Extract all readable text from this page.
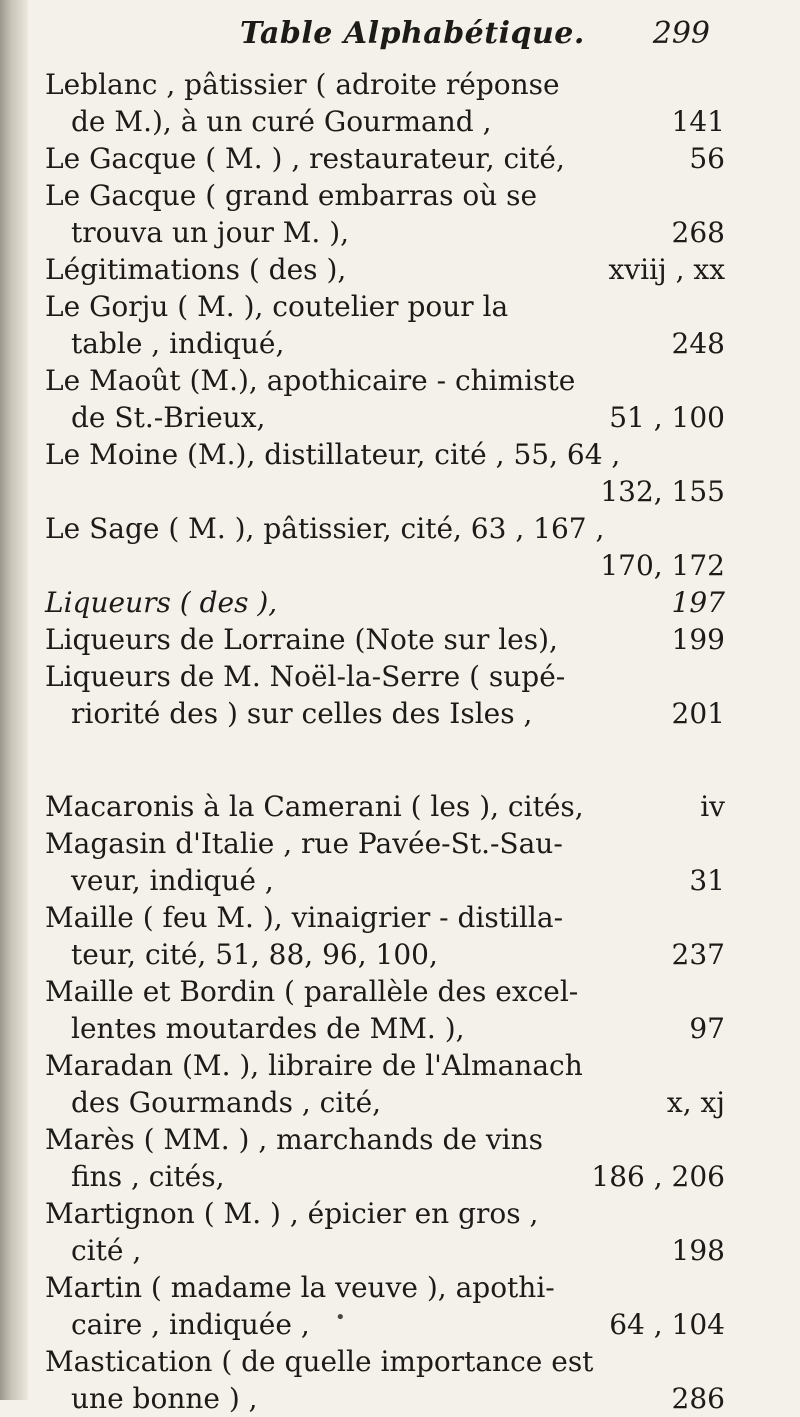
Table Alphabétique. 299
Leblanc , pâtissier ( adroite réponse
de M.), à un curé Gourmand ,	141
Le Gacque ( M. ) , restaurateur, cité,	56
Le Gacque ( grand embarras où se
trouva un jour M. ),	268
Légitimations ( des ),	xviij , xx
Le Gorju ( M. ), coutelier pour la
table , indiqué,	248
Le Maoût (M.), apothicaire - chimiste
de St.-Brieux,	51 , 100
Le Moine (M.), distillateur, cité , 55, 64 ,
132, 155
Le Sage ( M. ), pâtissier, cité, 63 , 167 ,
170, 172
Liqueurs ( des ),	197
Liqueurs de Lorraine (Note sur les),	199
Liqueurs de M. Noël-la-Serre ( supé-
riorité des ) sur celles des Isles ,	201
Macaronis à la Camerani ( les ), cités,	iv
Magasin d'Italie , rue Pavée-St.-Sau-
veur, indiqué ,	31
Maille ( feu M. ), vinaigrier - distilla-
teur, cité, 51, 88, 96, 100,	237
Maille et Bordin ( parallèle des excel-
lentes moutardes de MM. ),	97
Maradan (M. ), libraire de l'Almanach
des Gourmands , cité,	x, xj
Marès ( MM. ) , marchands de vins
fins , cités,	186 , 206
Martignon ( M. ) , épicier en gros ,
cité ,	198
Martin ( madame la veuve ), apothi-
caire , indiquée ,	64 , 104
Mastication ( de quelle importance est
une bonne ) ,	286
•
